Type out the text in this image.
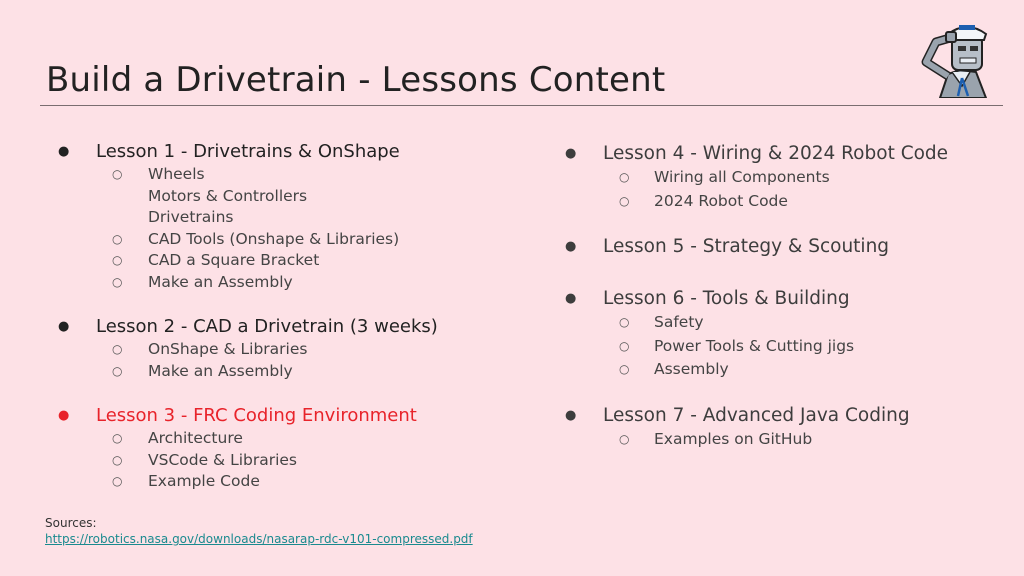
Build a Drivetrain - Lessons Content
● Lesson 1 - Drivetrains & OnShape
○ Wheels
Motors & Controllers
Drivetrains
○ CAD Tools (Onshape & Libraries)
○ CAD a Square Bracket
○ Make an Assembly
● Lesson 2 - CAD a Drivetrain (3 weeks)
○ OnShape & Libraries
○ Make an Assembly
● Lesson 3 - FRC Coding Environment
○ Architecture
○ VSCode & Libraries
○ Example Code
● Lesson 4 - Wiring & 2024 Robot Code
○ Wiring all Components
○ 2024 Robot Code
● Lesson 5 - Strategy & Scouting
● Lesson 6 - Tools & Building
○ Safety
○ Power Tools & Cutting jigs
○ Assembly
● Lesson 7 - Advanced Java Coding
○ Examples on GitHub
Sources:
https://robotics.nasa.gov/downloads/nasarap-rdc-v101-compressed.pdf
